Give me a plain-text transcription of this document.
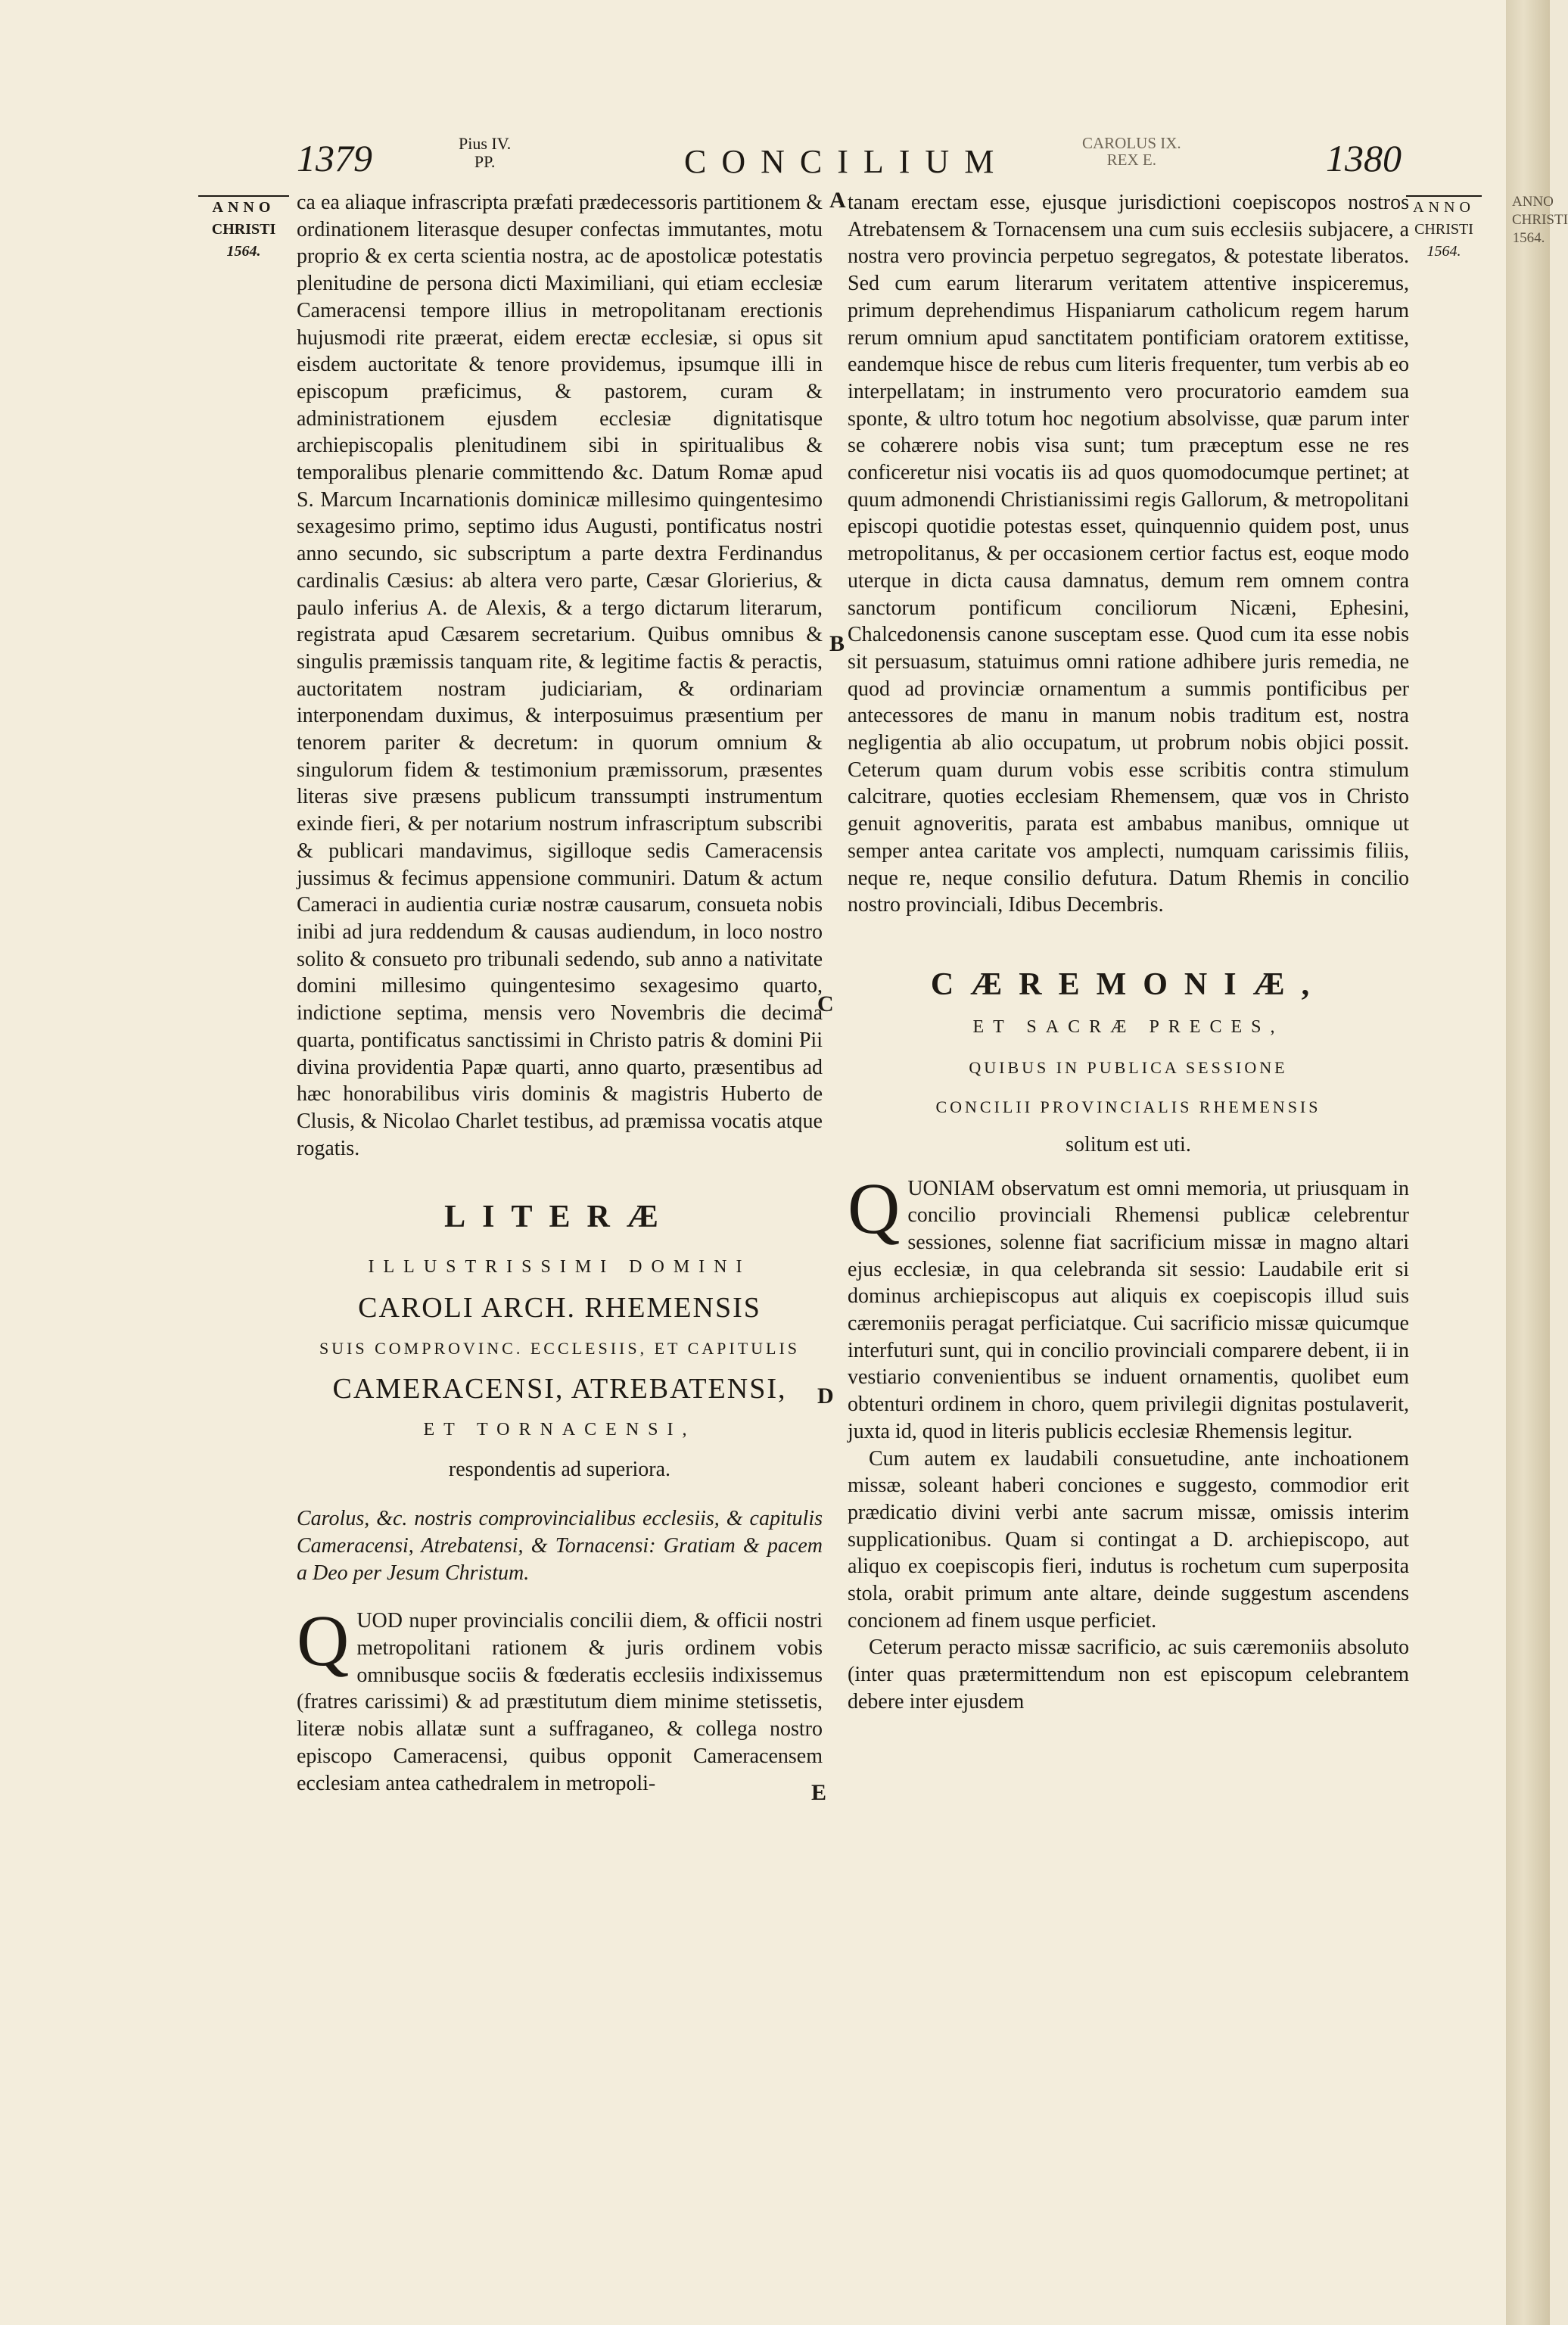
1379	Pius IV.
PP.	CONCILIUM	CAROLUS IX.
REX E.	1380
ANNO
CHRISTI
1564.
ANNO
CHRISTI
1564.
A
B
C
D
E

ca ea aliaque infrascripta præfati prædecessoris partitionem & ordinationem literasque desuper confectas immutantes, motu proprio & ex certa scientia nostra, ac de apostolicæ potestatis plenitudine de persona dicti Maximiliani, qui etiam ecclesiæ Cameracensi tempore illius in metropolitanam erectionis hujusmodi rite præerat, eidem erectæ ecclesiæ, si opus sit eisdem auctoritate & tenore providemus, ipsumque illi in episcopum præficimus, & pastorem, curam & administrationem ejusdem ecclesiæ dignitatisque archiepiscopalis plenitudinem sibi in spiritualibus & temporalibus plenarie committendo &c. Datum Romæ apud S. Marcum Incarnationis dominicæ millesimo quingentesimo sexagesimo primo, septimo idus Augusti, pontificatus nostri anno secundo, sic subscriptum a parte dextra Ferdinandus cardinalis Cæsius: ab altera vero parte, Cæsar Glorierius, & paulo inferius A. de Alexis, & a tergo dictarum literarum, registrata apud Cæsarem secretarium. Quibus omnibus & singulis præmissis tanquam rite, & legitime factis & peractis, auctoritatem nostram judiciariam, & ordinariam interponendam duximus, & interposuimus præsentium per tenorem pariter & decretum: in quorum omnium & singulorum fidem & testimonium præmissorum, præsentes literas sive præsens publicum transsumpti instrumentum exinde fieri, & per notarium nostrum infrascriptum subscribi & publicari mandavimus, sigilloque sedis Cameracensis jussimus & fecimus appensione communiri. Datum & actum Cameraci in audientia curiæ nostræ causarum, consueta nobis inibi ad jura reddendum & causas audiendum, in loco nostro solito & consueto pro tribunali sedendo, sub anno a nativitate domini millesimo quingentesimo sexagesimo quarto, indictione septima, mensis vero Novembris die decima quarta, pontificatus sanctissimi in Christo patris & domini Pii divina providentia Papæ quarti, anno quarto, præsentibus ad hæc honorabilibus viris dominis & magistris Huberto de Clusis, & Nicolao Charlet testibus, ad præmissa vocatis atque rogatis.

LITERÆ

ILLUSTRISSIMI DOMINI

CAROLI ARCH. RHEMENSIS

SUIS COMPROVINC. ECCLESIIS, ET CAPITULIS

CAMERACENSI, ATREBATENSI,

ET TORNACENSI,

respondentis ad superiora.

Carolus, &c. nostris comprovincialibus ecclesiis, & capitulis Cameracensi, Atrebatensi, & Tornacensi: Gratiam & pacem a Deo per Jesum Christum.

QUOD nuper provincialis concilii diem, & officii nostri metropolitani rationem & juris ordinem vobis omnibusque sociis & fœderatis ecclesiis indixissemus (fratres carissimi) & ad præstitutum diem minime stetissetis, literæ nobis allatæ sunt a suffraganeo, & collega nostro episcopo Cameracensi, quibus opponit Cameracensem ecclesiam antea cathedralem in metropoli-

tanam erectam esse, ejusque jurisdictioni coepiscopos nostros Atrebatensem & Tornacensem una cum suis ecclesiis subjacere, a nostra vero provincia perpetuo segregatos, & potestate liberatos. Sed cum earum literarum veritatem attentive inspiceremus, primum deprehendimus Hispaniarum catholicum regem harum rerum omnium apud sanctitatem pontificiam oratorem extitisse, eandemque hisce de rebus cum literis frequenter, tum verbis ab eo interpellatam; in instrumento vero procuratorio eamdem sua sponte, & ultro totum hoc negotium absolvisse, quæ parum inter se cohærere nobis visa sunt; tum præceptum esse ne res conficeretur nisi vocatis iis ad quos quomodocumque pertinet; at quum admonendi Christianissimi regis Gallorum, & metropolitani episcopi quotidie potestas esset, quinquennio quidem post, unus metropolitanus, & per occasionem certior factus est, eoque modo uterque in dicta causa damnatus, demum rem omnem contra sanctorum pontificum conciliorum Nicæni, Ephesini, Chalcedonensis canone susceptam esse. Quod cum ita esse nobis sit persuasum, statuimus omni ratione adhibere juris remedia, ne quod ad provinciæ ornamentum a summis pontificibus per antecessores de manu in manum nobis traditum est, nostra negligentia ab alio occupatum, ut probrum nobis objici possit. Ceterum quam durum vobis esse scribitis contra stimulum calcitrare, quoties ecclesiam Rhemensem, quæ vos in Christo genuit agnoveritis, parata est ambabus manibus, omnique ut semper antea caritate vos amplecti, numquam carissimis filiis, neque re, neque consilio defutura. Datum Rhemis in concilio nostro provinciali, Idibus Decembris.

CÆREMONIÆ,

ET SACRÆ PRECES,

QUIBUS IN PUBLICA SESSIONE

CONCILII PROVINCIALIS RHEMENSIS

solitum est uti.

QUONIAM observatum est omni memoria, ut priusquam in concilio provinciali Rhemensi publicæ celebrentur sessiones, solenne fiat sacrificium missæ in magno altari ejus ecclesiæ, in qua celebranda sit sessio: Laudabile erit si dominus archiepiscopus aut aliquis ex coepiscopis illud suis cæremoniis peragat perficiatque. Cui sacrificio missæ quicumque interfuturi sunt, qui in concilio provinciali comparere debent, ii in vestiario convenientibus se induent ornamentis, quolibet eum obtenturi ordinem in choro, quem privilegii dignitas postulaverit, juxta id, quod in literis publicis ecclesiæ Rhemensis legitur.

Cum autem ex laudabili consuetudine, ante inchoationem missæ, soleant haberi conciones e suggesto, commodior erit prædicatio divini verbi ante sacrum missæ, omissis interim supplicationibus. Quam si contingat a D. archiepiscopo, aut aliquo ex coepiscopis fieri, indutus is rochetum cum superposita stola, orabit primum ante altare, deinde suggestum ascendens concionem ad finem usque perficiet.

Ceterum peracto missæ sacrificio, ac suis cæremoniis absoluto (inter quas prætermittendum non est episcopum celebrantem debere inter ejusdem

ANNO CHRISTI 1564.
